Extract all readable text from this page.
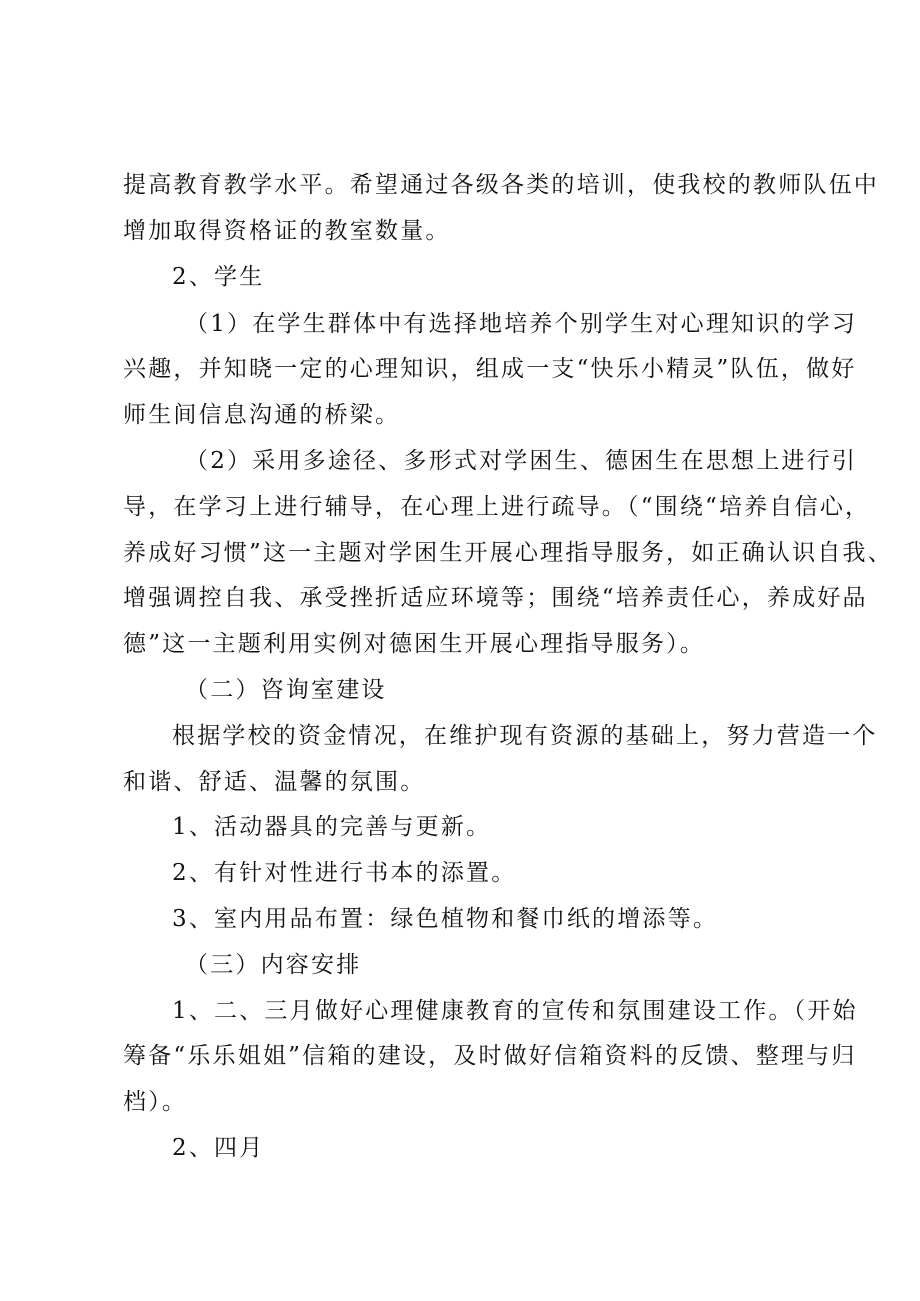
提高教育教学水平。希望通过各级各类的培训，使我校的教师队伍中
增加取得资格证的教室数量。
2、学生
（1）在学生群体中有选择地培养个别学生对心理知识的学习
兴趣，并知晓一定的心理知识，组成一支“快乐小精灵”队伍，做好
师生间信息沟通的桥梁。
（2）采用多途径、多形式对学困生、德困生在思想上进行引
导，在学习上进行辅导，在心理上进行疏导。（“围绕“培养自信心，
养成好习惯”这一主题对学困生开展心理指导服务，如正确认识自我、
增强调控自我、承受挫折适应环境等；围绕“培养责任心，养成好品
德”这一主题利用实例对德困生开展心理指导服务）。
（二）咨询室建设
根据学校的资金情况，在维护现有资源的基础上，努力营造一个
和谐、舒适、温馨的氛围。
1、活动器具的完善与更新。
2、有针对性进行书本的添置。
3、室内用品布置：绿色植物和餐巾纸的增添等。
（三）内容安排
1、二、三月做好心理健康教育的宣传和氛围建设工作。（开始
筹备“乐乐姐姐”信箱的建设，及时做好信箱资料的反馈、整理与归
档）。
2、四月
